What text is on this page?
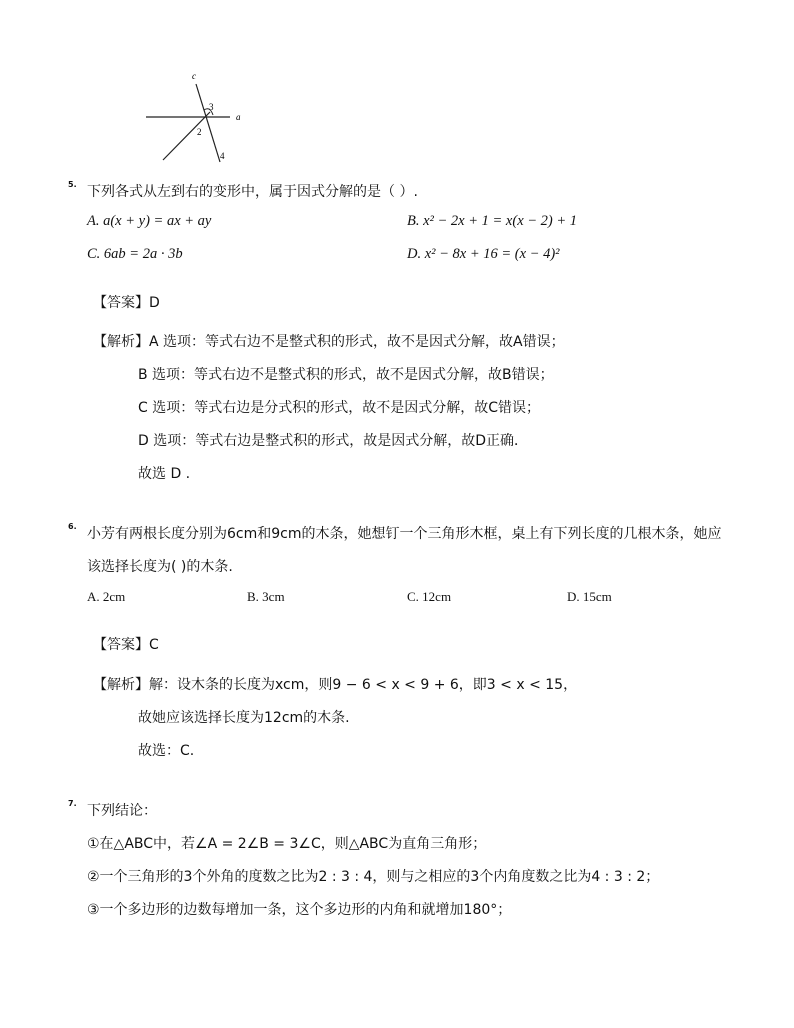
c
a
3
2
4
5. 下列各式从左到右的变形中，属于因式分解的是（ ）.
A. a(x + y) = ax + ay	B. x² − 2x + 1 = x(x − 2) + 1
C. 6ab = 2a · 3b	D. x² − 8x + 16 = (x − 4)²
【答案】D
【解析】A 选项：等式右边不是整式积的形式，故不是因式分解，故A错误；
B 选项：等式右边不是整式积的形式，故不是因式分解，故B错误；
C 选项：等式右边是分式积的形式，故不是因式分解，故C错误；
D 选项：等式右边是整式积的形式，故是因式分解，故D正确．
故选 D .
6. 小芳有两根长度分别为6cm和9cm的木条，她想钉一个三角形木框，桌上有下列长度的几根木条，她应
该选择长度为( )的木条.
A. 2cm	B. 3cm	C. 12cm	D. 15cm
【答案】C
【解析】解：设木条的长度为xcm，则9 − 6 < x < 9 + 6，即3 < x < 15，
故她应该选择长度为12cm的木条.
故选：C.
7. 下列结论：
①在△ABC中，若∠A = 2∠B = 3∠C，则△ABC为直角三角形；
②一个三角形的3个外角的度数之比为2 : 3 : 4，则与之相应的3个内角度数之比为4 : 3 : 2；
③一个多边形的边数每增加一条，这个多边形的内角和就增加180°；
